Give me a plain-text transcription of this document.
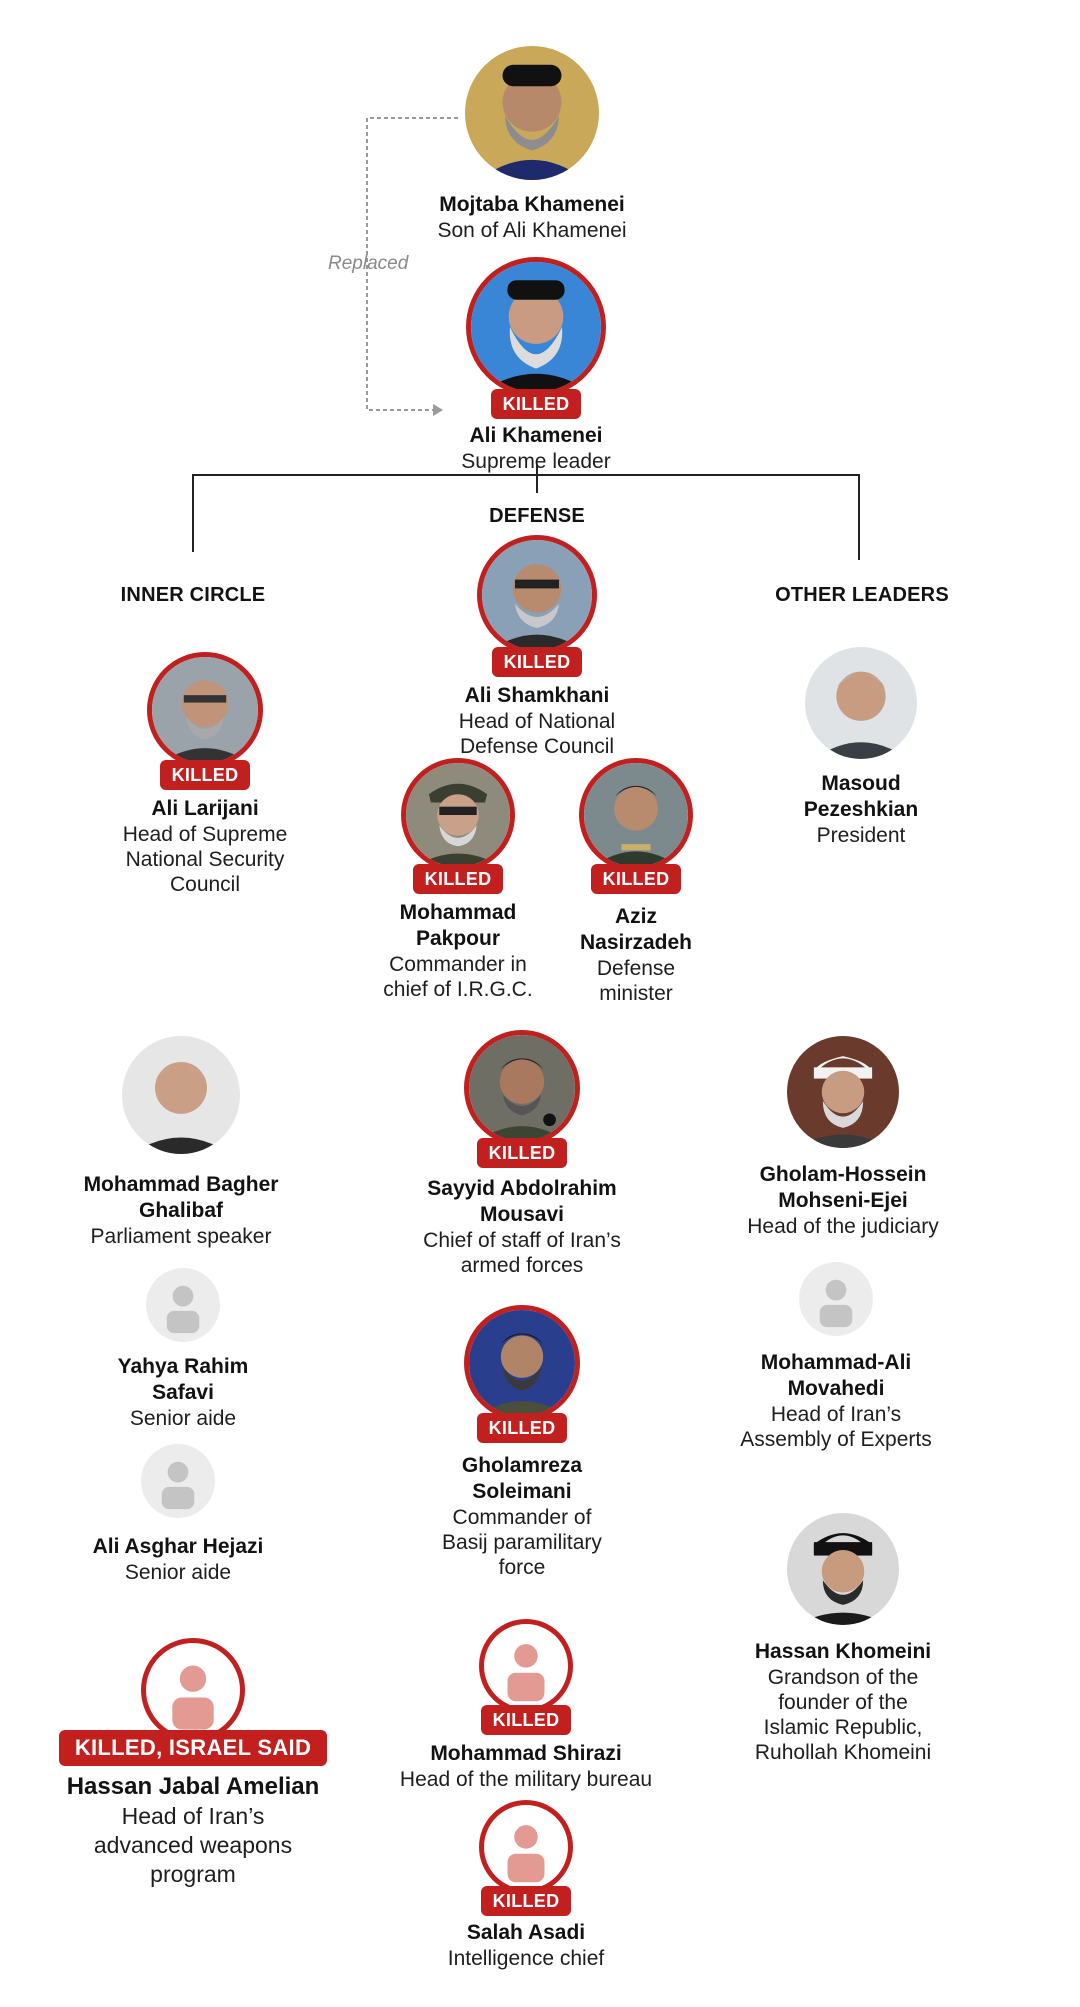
Replaced
DEFENSE
INNER CIRCLE	OTHER LEADERS
Mojtaba Khamenei
Son of Ali Khamenei
KILLED
Ali Khamenei
Supreme leader
KILLED
Ali Shamkhani
Head of National Defense Council
KILLED
Ali Larijani
Head of Supreme National Security Council
Masoud Pezeshkian
President
KILLED
Mohammad Pakpour
Commander in chief of I.R.G.C.
KILLED
Aziz Nasirzadeh
Defense minister
Mohammad Bagher Ghalibaf
Parliament speaker
KILLED
Sayyid Abdolrahim Mousavi
Chief of staff of Iran’s armed forces
Gholam-Hossein Mohseni-Ejei
Head of the judiciary
Yahya Rahim Safavi
Senior aide	KILLED
Gholamreza Soleimani
Commander of Basij paramilitary force
Mohammad-Ali Movahedi
Head of Iran’s Assembly of Experts
Ali Asghar Hejazi
Senior aide
Hassan Khomeini
Grandson of the founder of the Islamic Republic, Ruhollah Khomeini
KILLED, ISRAEL SAID
Hassan Jabal Amelian
Head of Iran’s advanced weapons program
KILLED
Mohammad Shirazi
Head of the military bureau
KILLED
Salah Asadi
Intelligence chief
